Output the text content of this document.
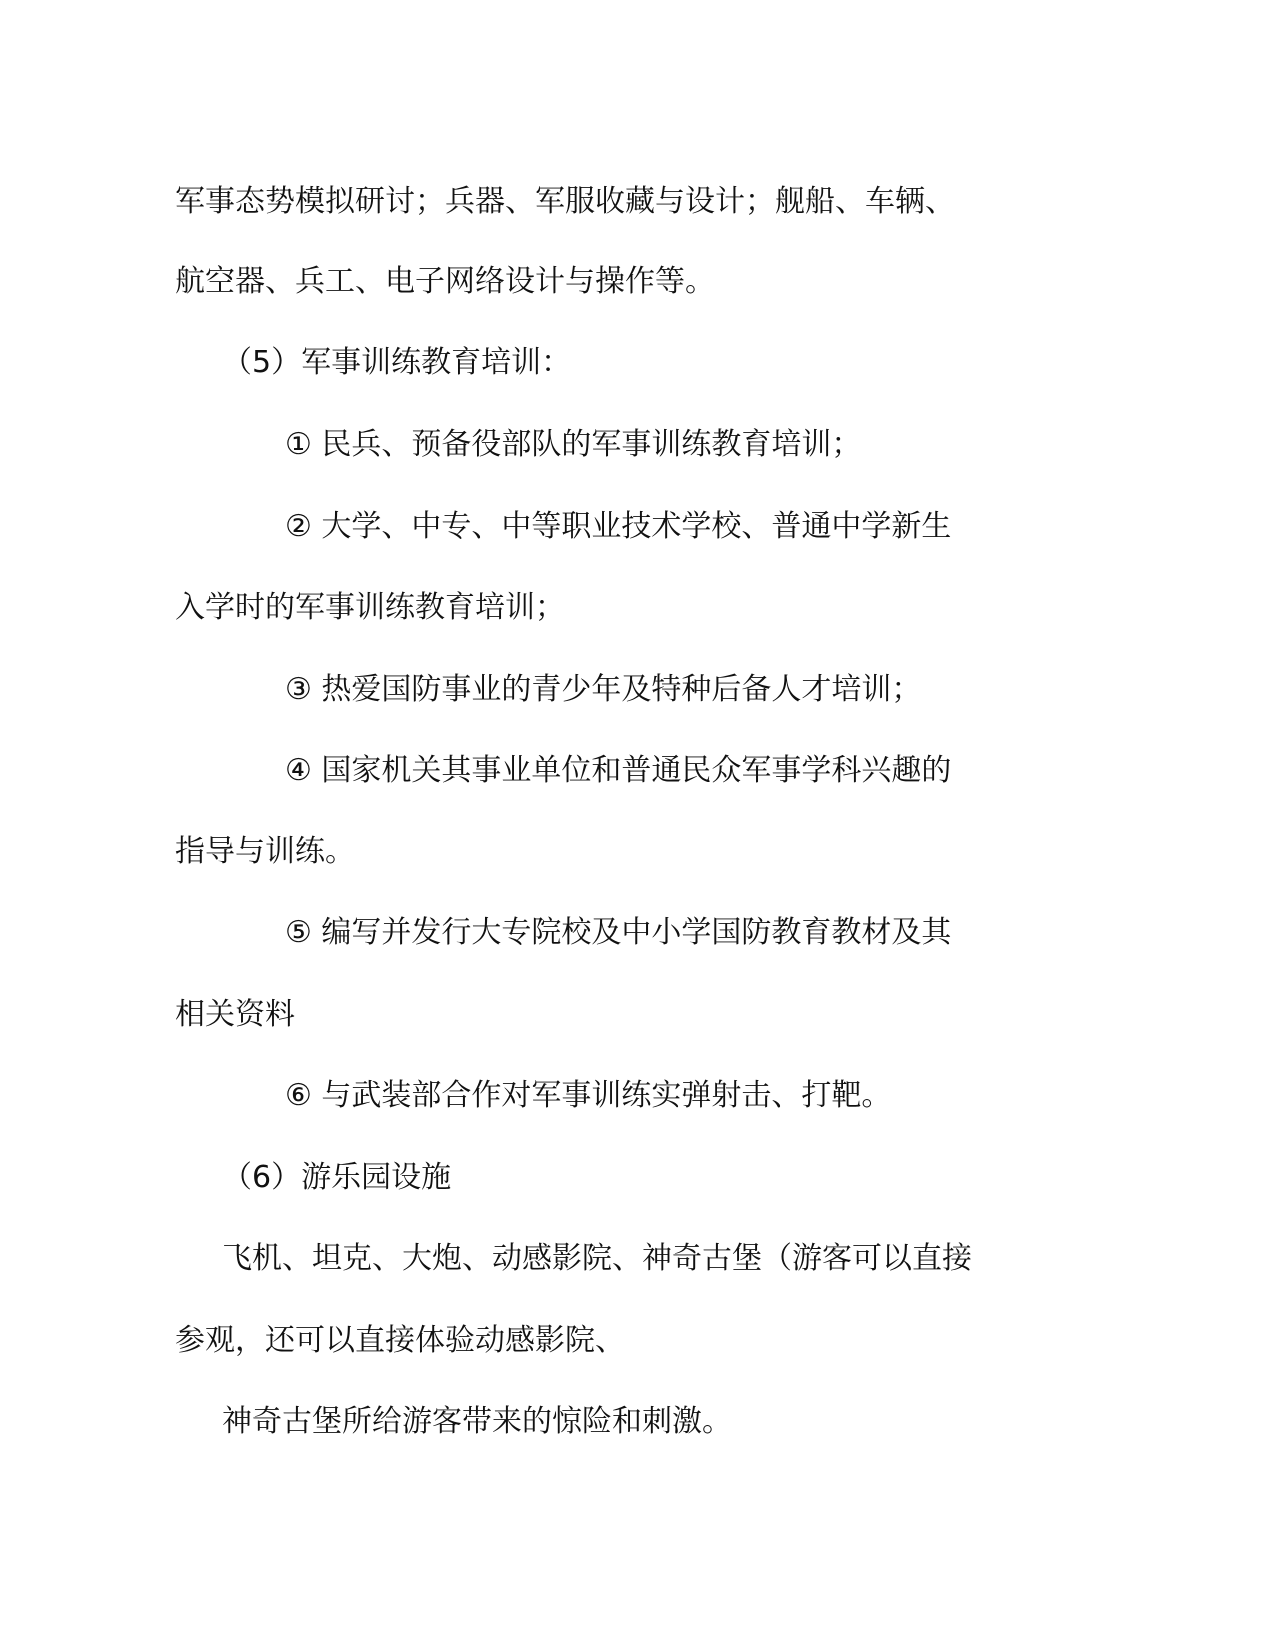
军事态势模拟研讨；兵器、军服收藏与设计；舰船、车辆、
航空器、兵工、电子网络设计与操作等。
（5）军事训练教育培训：
① 民兵、预备役部队的军事训练教育培训；
② 大学、中专、中等职业技术学校、普通中学新生
入学时的军事训练教育培训；
③ 热爱国防事业的青少年及特种后备人才培训；
④ 国家机关其事业单位和普通民众军事学科兴趣的
指导与训练。
⑤ 编写并发行大专院校及中小学国防教育教材及其
相关资料
⑥ 与武装部合作对军事训练实弹射击、打靶。
（6）游乐园设施
飞机、坦克、大炮、动感影院、神奇古堡（游客可以直接
参观，还可以直接体验动感影院、
神奇古堡所给游客带来的惊险和刺激。
